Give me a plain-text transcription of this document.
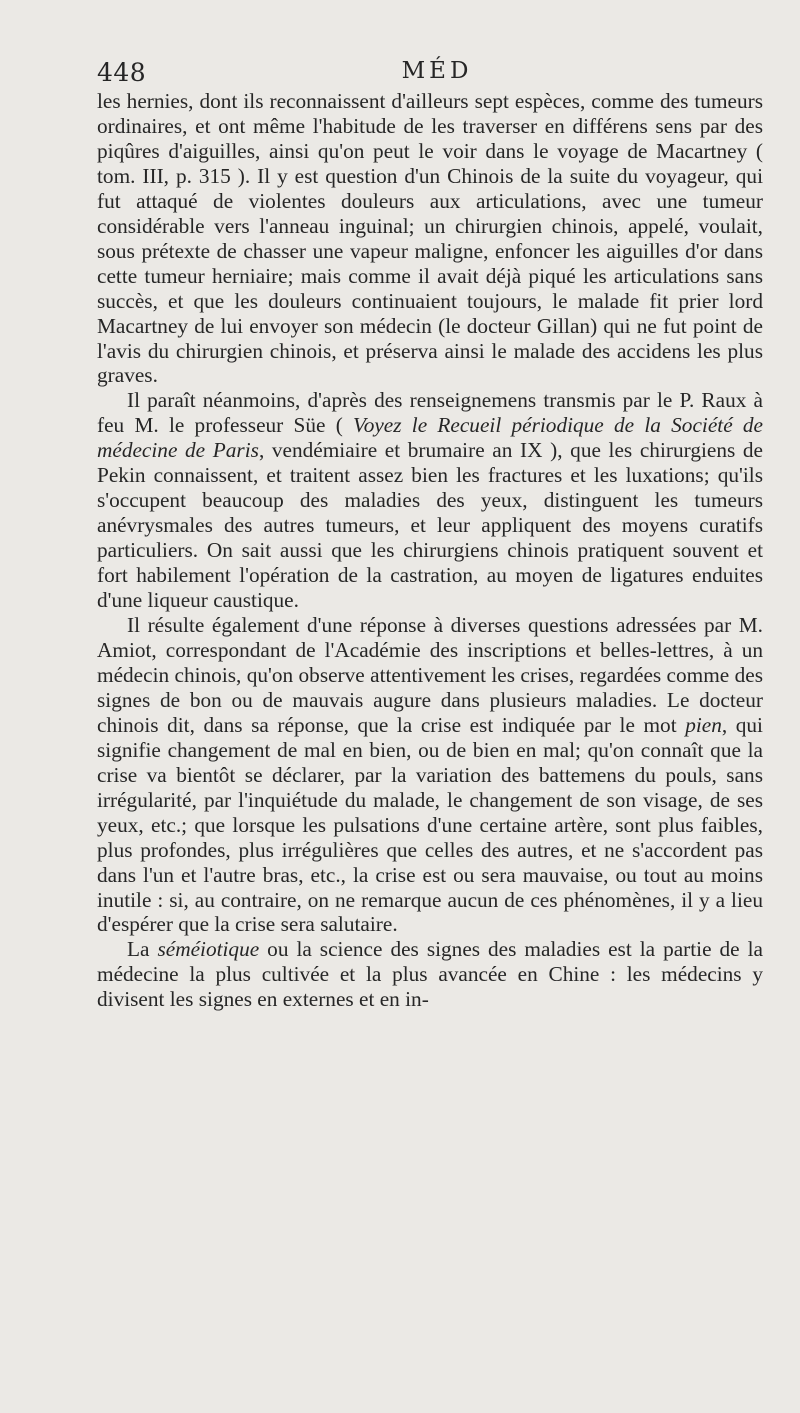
448	MÉD

les hernies, dont ils reconnaissent d'ailleurs sept espèces, comme des tumeurs ordinaires, et ont même l'habitude de les traverser en différens sens par des piqûres d'aiguilles, ainsi qu'on peut le voir dans le voyage de Macartney ( tom. III, p. 315 ). Il y est question d'un Chinois de la suite du voyageur, qui fut attaqué de violentes douleurs aux articulations, avec une tumeur considérable vers l'anneau inguinal; un chirurgien chinois, appelé, voulait, sous prétexte de chasser une vapeur maligne, enfoncer les aiguilles d'or dans cette tumeur herniaire; mais comme il avait déjà piqué les articulations sans succès, et que les douleurs continuaient toujours, le malade fit prier lord Macartney de lui envoyer son médecin (le docteur Gillan) qui ne fut point de l'avis du chirurgien chinois, et préserva ainsi le malade des accidens les plus graves.

Il paraît néanmoins, d'après des renseignemens transmis par le P. Raux à feu M. le professeur Süe ( Voyez le Recueil périodique de la Société de médecine de Paris, vendémiaire et brumaire an IX ), que les chirurgiens de Pekin connaissent, et traitent assez bien les fractures et les luxations; qu'ils s'occupent beaucoup des maladies des yeux, distinguent les tumeurs anévrysmales des autres tumeurs, et leur appliquent des moyens curatifs particuliers. On sait aussi que les chirurgiens chinois pratiquent souvent et fort habilement l'opération de la castration, au moyen de ligatures enduites d'une liqueur caustique.

Il résulte également d'une réponse à diverses questions adressées par M. Amiot, correspondant de l'Académie des inscriptions et belles-lettres, à un médecin chinois, qu'on observe attentivement les crises, regardées comme des signes de bon ou de mauvais augure dans plusieurs maladies. Le docteur chinois dit, dans sa réponse, que la crise est indiquée par le mot pien, qui signifie changement de mal en bien, ou de bien en mal; qu'on connaît que la crise va bientôt se déclarer, par la variation des battemens du pouls, sans irrégularité, par l'inquiétude du malade, le changement de son visage, de ses yeux, etc.; que lorsque les pulsations d'une certaine artère, sont plus faibles, plus profondes, plus irrégulières que celles des autres, et ne s'accordent pas dans l'un et l'autre bras, etc., la crise est ou sera mauvaise, ou tout au moins inutile : si, au contraire, on ne remarque aucun de ces phénomènes, il y a lieu d'espérer que la crise sera salutaire.

La séméiotique ou la science des signes des maladies est la partie de la médecine la plus cultivée et la plus avancée en Chine : les médecins y divisent les signes en externes et en in-
